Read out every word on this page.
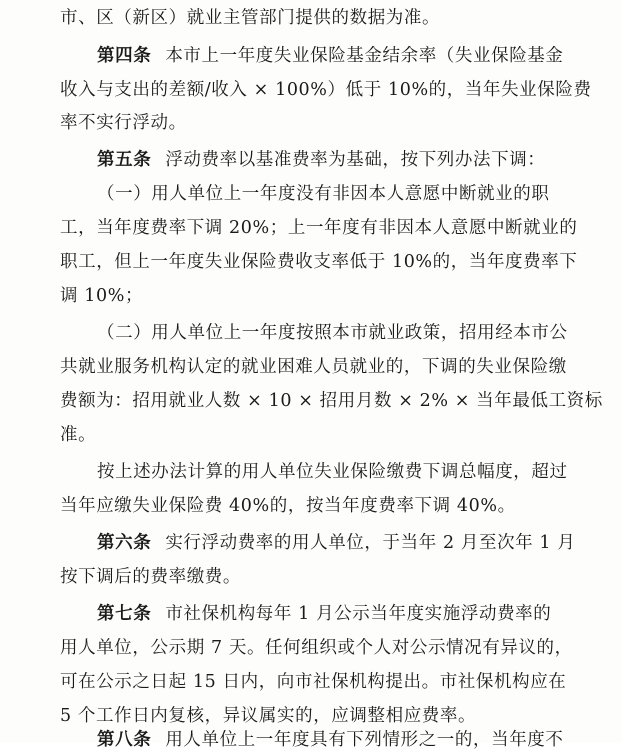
市、区（新区）就业主管部门提供的数据为准。
第四条 本市上一年度失业保险基金结余率（失业保险基金
收入与支出的差额/收入 × 100%）低于 10%的，当年失业保险费
率不实行浮动。
第五条 浮动费率以基准费率为基础，按下列办法下调：
（一）用人单位上一年度没有非因本人意愿中断就业的职
工，当年度费率下调 20%；上一年度有非因本人意愿中断就业的
职工，但上一年度失业保险费收支率低于 10%的，当年度费率下
调 10%；
（二）用人单位上一年度按照本市就业政策，招用经本市公
共就业服务机构认定的就业困难人员就业的，下调的失业保险缴
费额为：招用就业人数 × 10 × 招用月数 × 2% × 当年最低工资标
准。
按上述办法计算的用人单位失业保险缴费下调总幅度，超过
当年应缴失业保险费 40%的，按当年度费率下调 40%。
第六条 实行浮动费率的用人单位，于当年 2 月至次年 1 月
按下调后的费率缴费。
第七条 市社保机构每年 1 月公示当年度实施浮动费率的
用人单位，公示期 7 天。任何组织或个人对公示情况有异议的，
可在公示之日起 15 日内，向市社保机构提出。市社保机构应在
5 个工作日内复核，异议属实的，应调整相应费率。
第八条 用人单位上一年度具有下列情形之一的，当年度不
